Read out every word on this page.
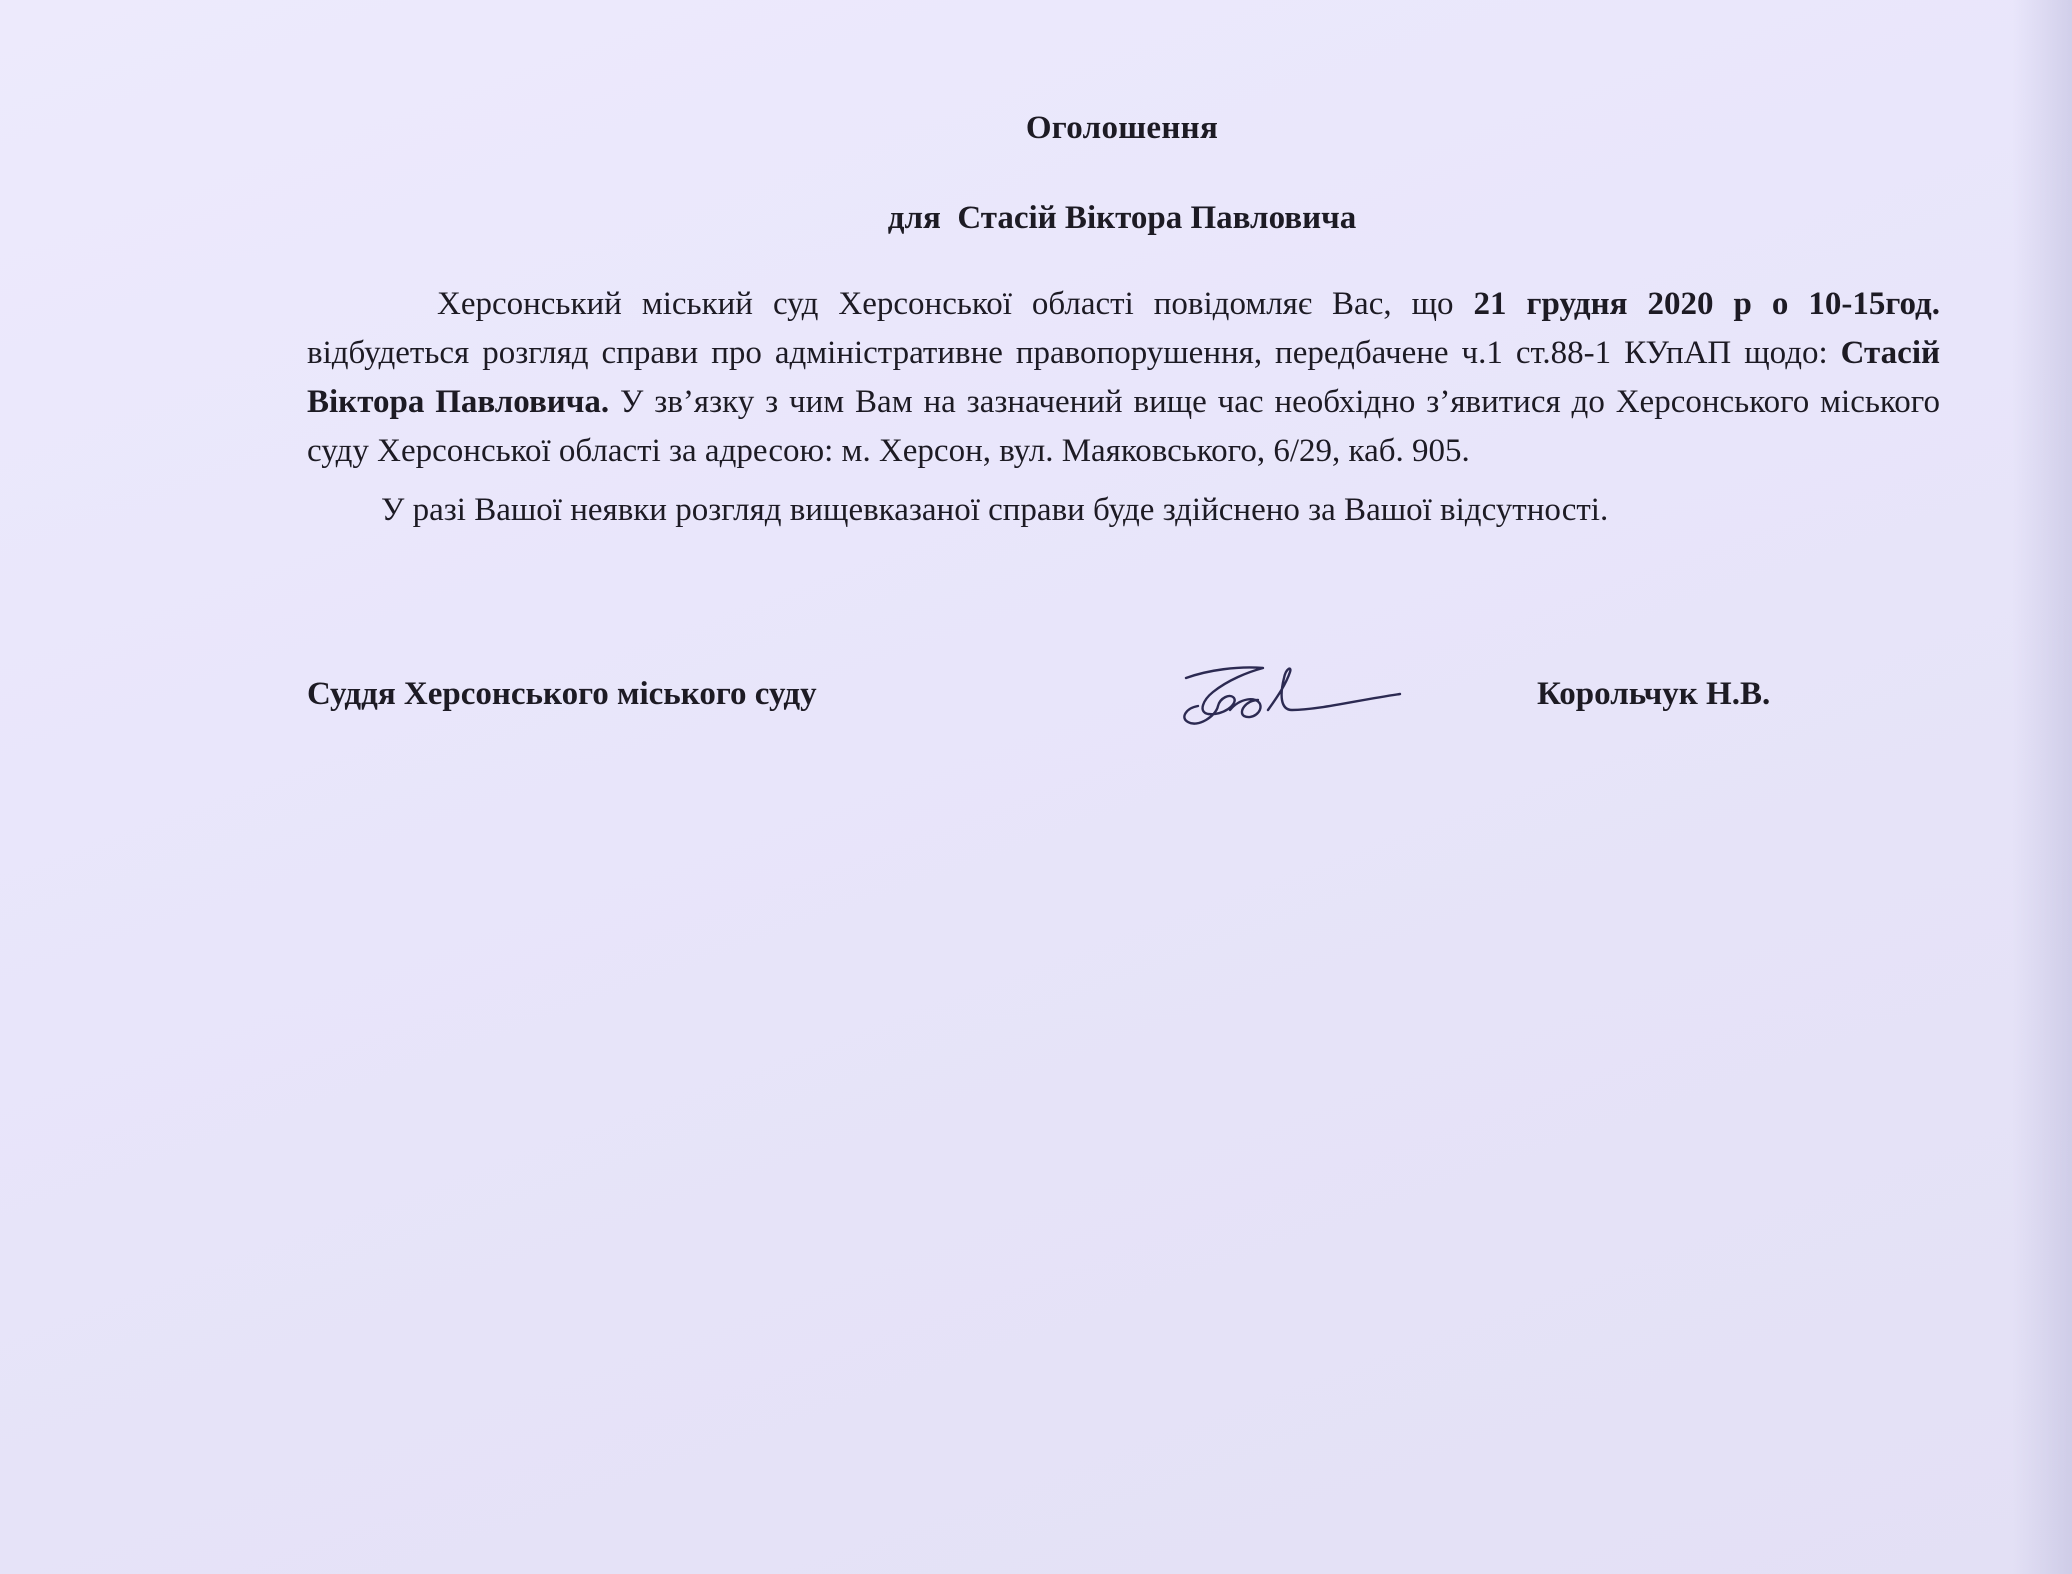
Оголошення
для  Стасій Віктора Павловича

Херсонський міський суд Херсонської області повідомляє Вас, що 21 грудня 2020 р о 10-15год. відбудеться розгляд справи про адміністративне правопорушення, передбачене ч.1 ст.88-1 КУпАП щодо: Стасій Віктора Павловича. У зв’язку з чим Вам на зазначений вище час необхідно з’явитися до Херсонського міського суду Херсонської області за адресою: м. Херсон, вул. Маяковського, 6/29, каб. 905.

У разі Вашої неявки розгляд вищевказаної справи буде здійснено за Вашої відсутності.

Суддя Херсонського міського суду	Корольчук Н.В.
